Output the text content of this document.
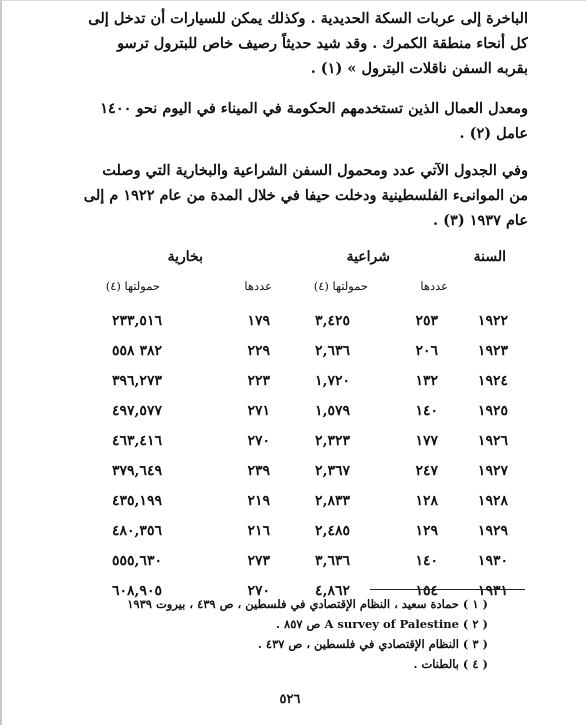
الباخرة إلى عربات السكة الحديدية . وكذلك يمكن للسيارات أن تدخل إلى
كل أنحاء منطقة الكمرك . وقد شيد حديثاً رصيف خاص للبترول ترسو
بقربه السفن ناقلات البترول » (١) .
ومعدل العمال الذين تستخدمهم الحكومة في الميناء في اليوم نحو ١٤٠٠
عامل (٢) .
وفي الجدول الآتي عدد ومحمول السفن الشراعية والبخارية التي وصلت
من الموانىء الفلسطينية ودخلت حيفا في خلال المدة من عام ١٩٢٢ م إلى
عام ١٩٣٧ (٣) .
السنة
شراعية
بخارية
عددها
حمولتها (٤)
عددها
حمولتها (٤)
١٩٢٢
٢٥٣
٣,٤٢٥
١٧٩
٢٣٣,٥١٦
١٩٢٣
٢٠٦
٢,٦٣٦
٢٢٩
٣٨٢ ٥٥٨
١٩٢٤
١٣٢
١,٧٢٠
٢٢٣
٣٩٦,٢٧٣
١٩٢٥
١٤٠
١,٥٧٩
٢٧١
٤٩٧,٥٧٧
١٩٢٦
١٧٧
٢,٣٢٣
٢٧٠
٤٦٣,٤١٦
١٩٢٧
٢٤٧
٢,٣٦٧
٢٣٩
٣٧٩,٦٤٩
١٩٢٨
١٢٨
٢,٨٣٣
٢١٩
٤٣٥,١٩٩
١٩٢٩
١٢٩
٢,٤٨٥
٢١٦
٤٨٠,٣٥٦
١٩٣٠
١٤٠
٣,٦٣٦
٢٧٣
٥٥٥,٦٣٠
١٩٣١
١٥٤
٤,٨٦٢
٢٧٠
٦٠٨,٩٠٥
( ١ ) حمادة سعيد ، النظام الإقتصادي في فلسطين ، ص ٤٣٩ ، بيروت ١٩٣٩
( ٢ ) A survey of Palestine ص ٨٥٧ .
( ٣ ) النظام الإقتصادي في فلسطين ، ص ٤٣٧ .
( ٤ ) بالطنات .
٥٢٦
